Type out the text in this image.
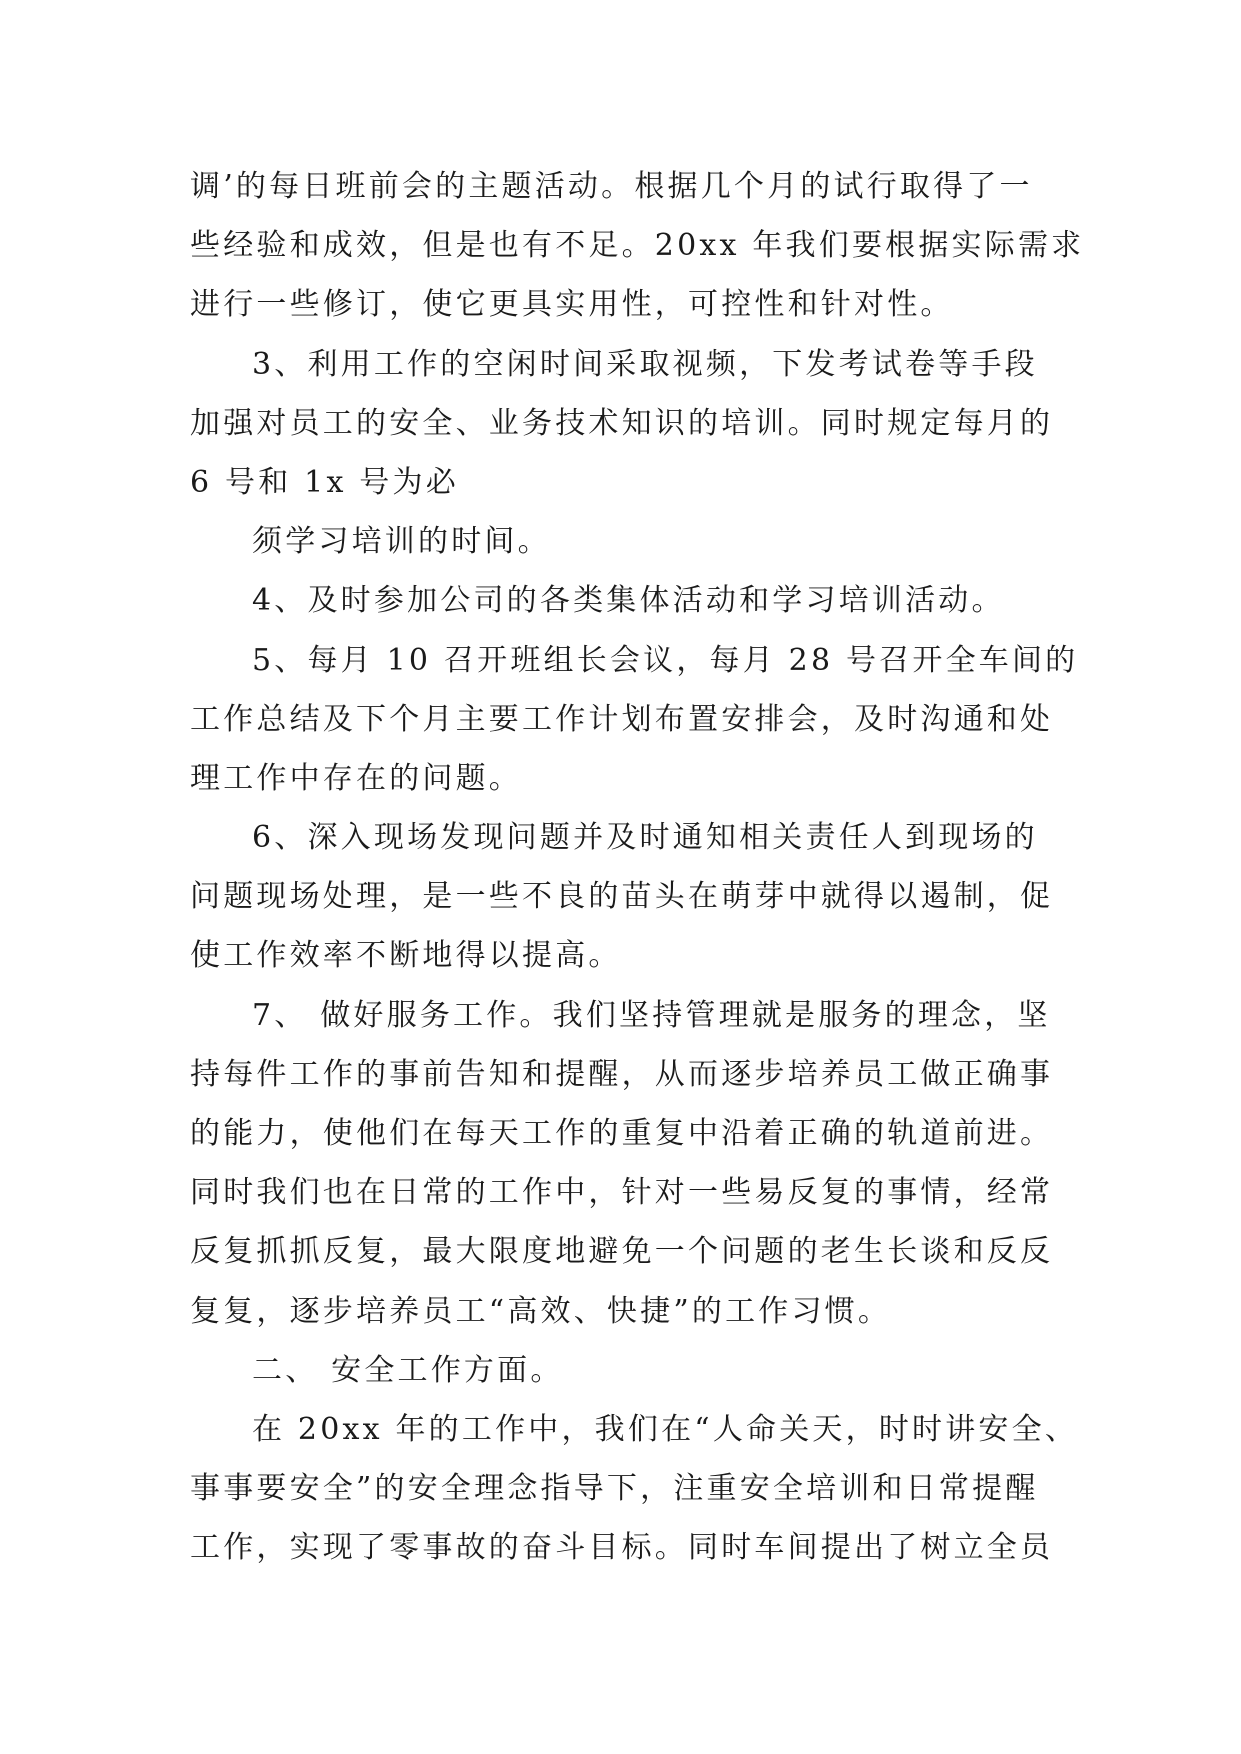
调’的每日班前会的主题活动。根据几个月的试行取得了一
些经验和成效，但是也有不足。20xx 年我们要根据实际需求
进行一些修订，使它更具实用性，可控性和针对性。
3、利用工作的空闲时间采取视频，下发考试卷等手段
加强对员工的安全、业务技术知识的培训。同时规定每月的
6 号和 1x 号为必
须学习培训的时间。
4、及时参加公司的各类集体活动和学习培训活动。
5、每月 10 召开班组长会议，每月 28 号召开全车间的
工作总结及下个月主要工作计划布置安排会，及时沟通和处
理工作中存在的问题。
6、深入现场发现问题并及时通知相关责任人到现场的
问题现场处理，是一些不良的苗头在萌芽中就得以遏制，促
使工作效率不断地得以提高。
7、 做好服务工作。我们坚持管理就是服务的理念，坚
持每件工作的事前告知和提醒，从而逐步培养员工做正确事
的能力，使他们在每天工作的重复中沿着正确的轨道前进。
同时我们也在日常的工作中，针对一些易反复的事情，经常
反复抓抓反复，最大限度地避免一个问题的老生长谈和反反
复复，逐步培养员工“高效、快捷”的工作习惯。
二、 安全工作方面。
在 20xx 年的工作中，我们在“人命关天，时时讲安全、
事事要安全”的安全理念指导下，注重安全培训和日常提醒
工作，实现了零事故的奋斗目标。同时车间提出了树立全员
